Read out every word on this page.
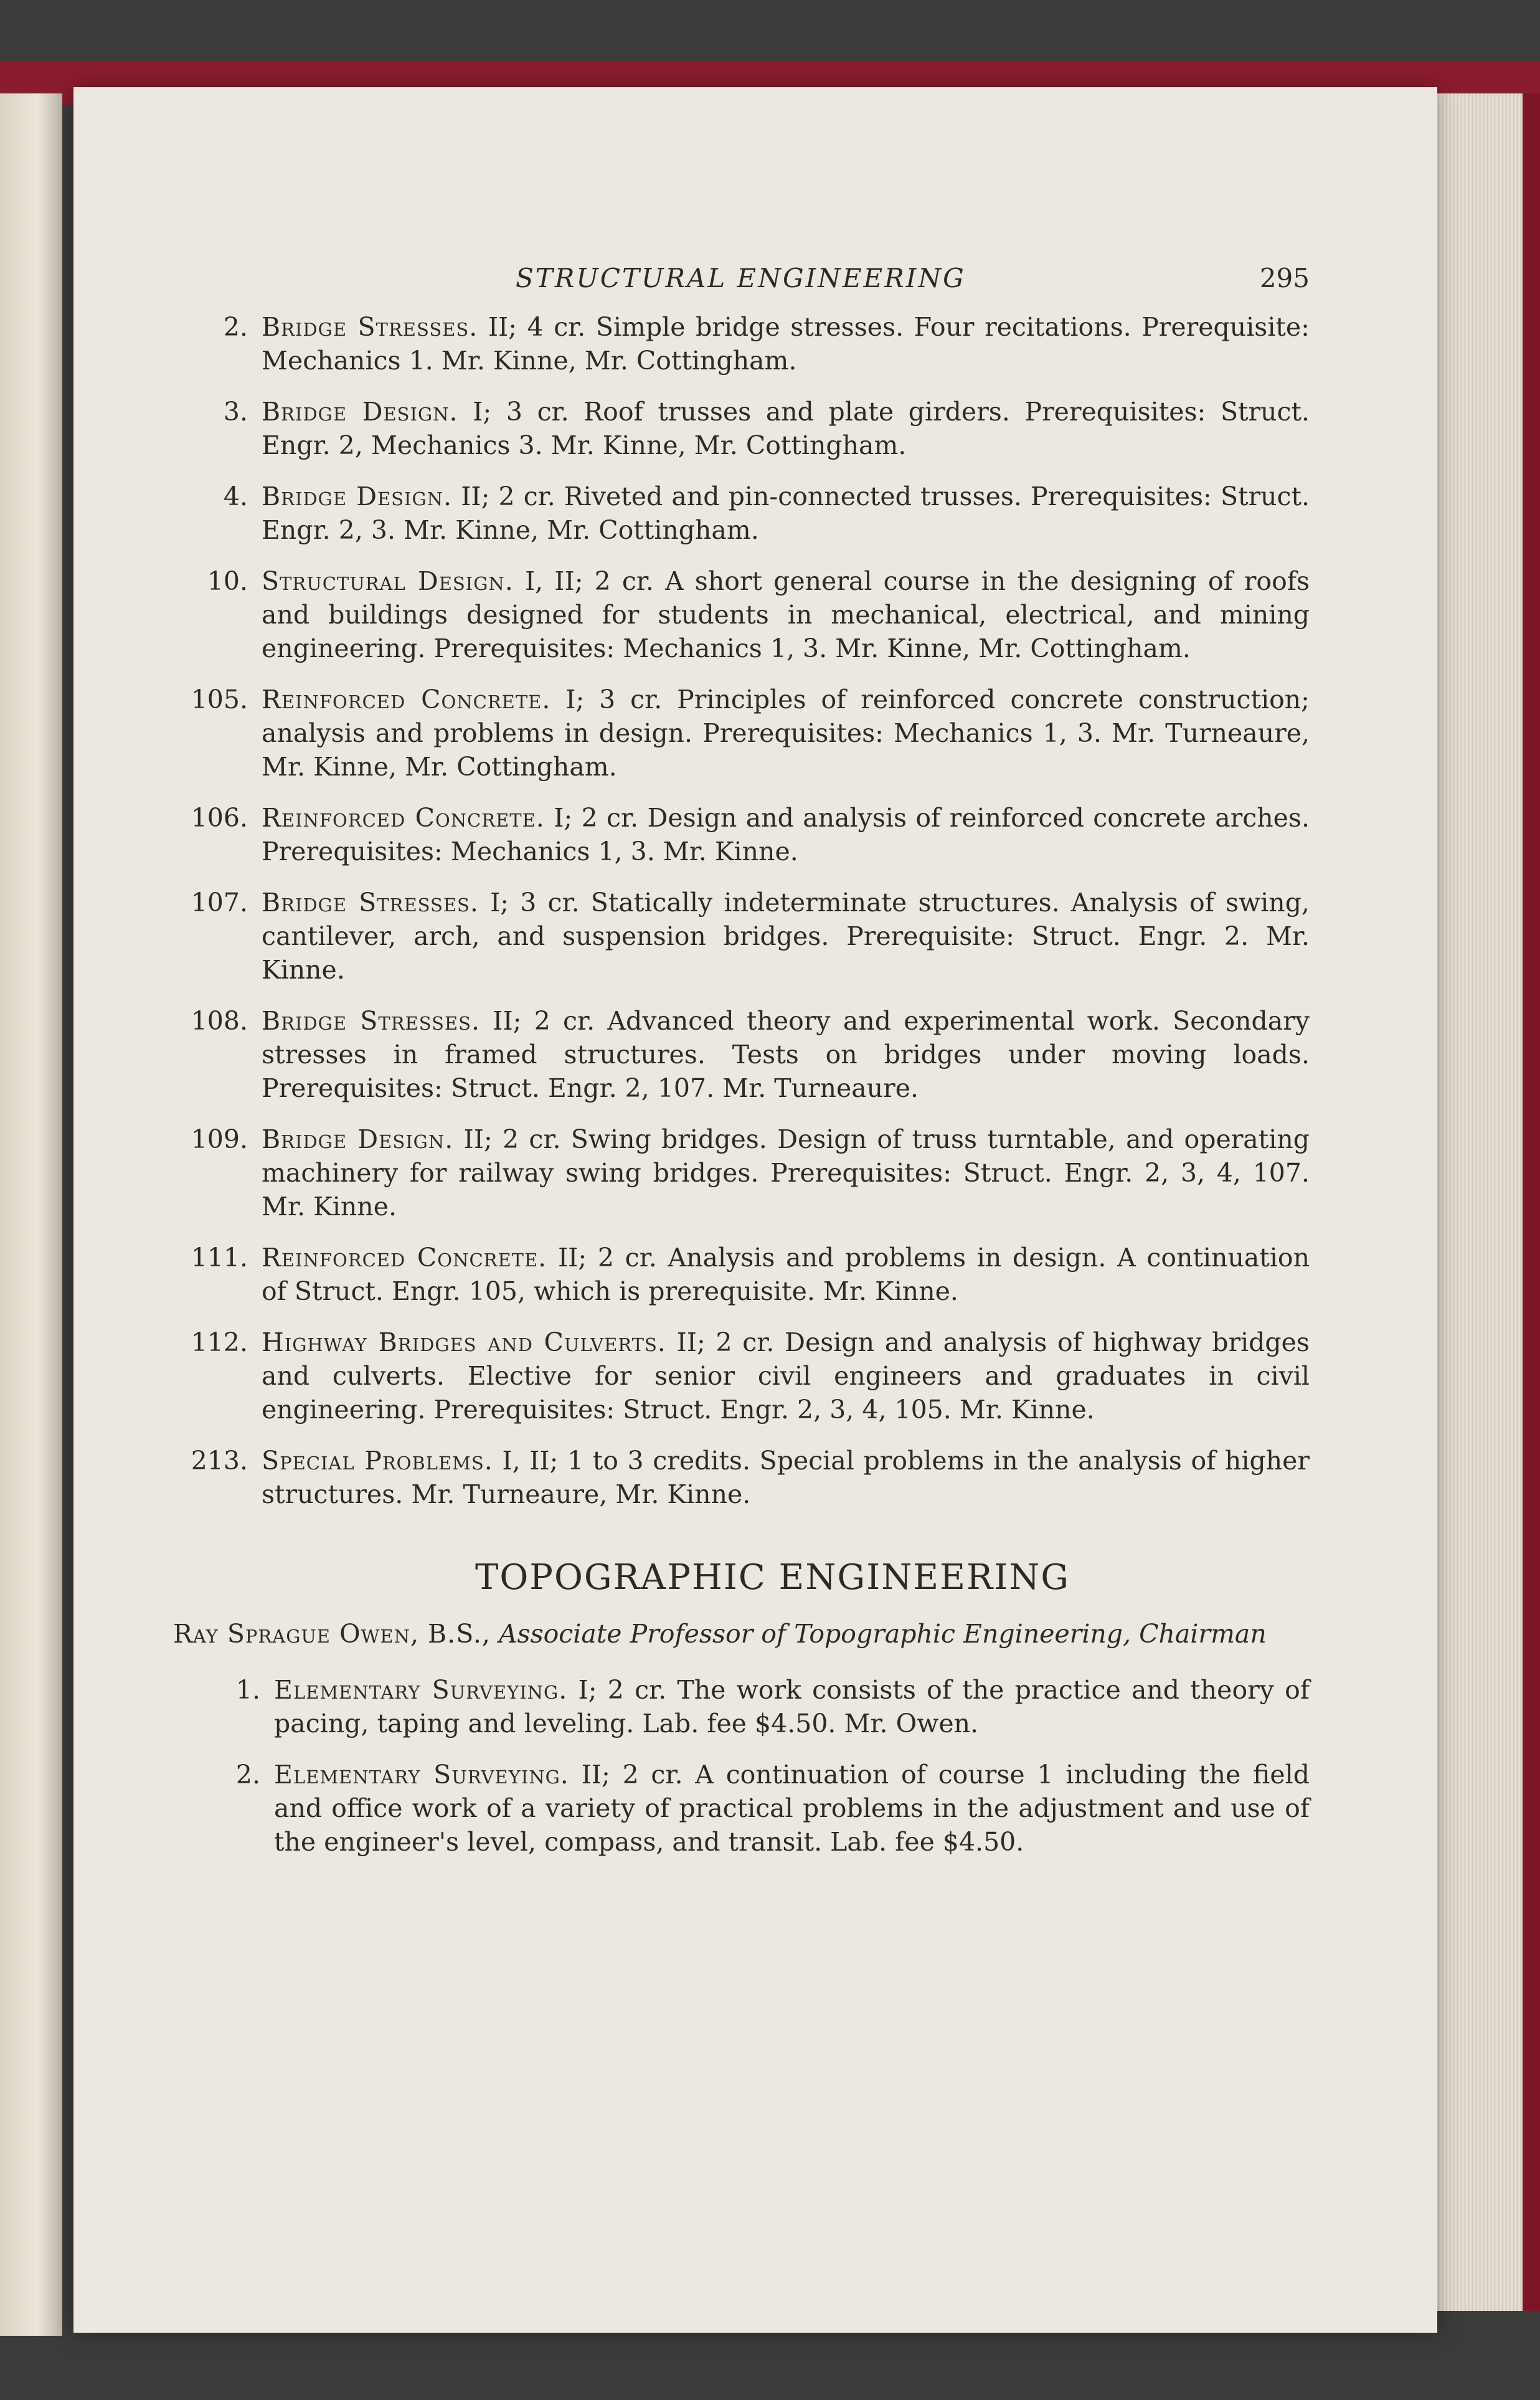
STRUCTURAL ENGINEERING	295
2. Bridge Stresses. II; 4 cr. Simple bridge stresses. Four recitations. Prerequisite: Mechanics 1. Mr. Kinne, Mr. Cottingham.
3. Bridge Design. I; 3 cr. Roof trusses and plate girders. Prerequisites: Struct. Engr. 2, Mechanics 3. Mr. Kinne, Mr. Cottingham.
4. Bridge Design. II; 2 cr. Riveted and pin-connected trusses. Prerequisites: Struct. Engr. 2, 3. Mr. Kinne, Mr. Cottingham.
10. Structural Design. I, II; 2 cr. A short general course in the designing of roofs and buildings designed for students in mechanical, electrical, and mining engineering. Prerequisites: Mechanics 1, 3. Mr. Kinne, Mr. Cottingham.
105. Reinforced Concrete. I; 3 cr. Principles of reinforced concrete construction; analysis and problems in design. Prerequisites: Mechanics 1, 3. Mr. Turneaure, Mr. Kinne, Mr. Cottingham.
106. Reinforced Concrete. I; 2 cr. Design and analysis of reinforced concrete arches. Prerequisites: Mechanics 1, 3. Mr. Kinne.
107. Bridge Stresses. I; 3 cr. Statically indeterminate structures. Analysis of swing, cantilever, arch, and suspension bridges. Prerequisite: Struct. Engr. 2. Mr. Kinne.
108. Bridge Stresses. II; 2 cr. Advanced theory and experimental work. Secondary stresses in framed structures. Tests on bridges under moving loads. Prerequisites: Struct. Engr. 2, 107. Mr. Turneaure.
109. Bridge Design. II; 2 cr. Swing bridges. Design of truss turntable, and operating machinery for railway swing bridges. Prerequisites: Struct. Engr. 2, 3, 4, 107. Mr. Kinne.
111. Reinforced Concrete. II; 2 cr. Analysis and problems in design. A continuation of Struct. Engr. 105, which is prerequisite. Mr. Kinne.
112. Highway Bridges and Culverts. II; 2 cr. Design and analysis of highway bridges and culverts. Elective for senior civil engineers and graduates in civil engineering. Prerequisites: Struct. Engr. 2, 3, 4, 105. Mr. Kinne.
213. Special Problems. I, II; 1 to 3 credits. Special problems in the analysis of higher structures. Mr. Turneaure, Mr. Kinne.
TOPOGRAPHIC ENGINEERING
Ray Sprague Owen, B.S., Associate Professor of Topographic Engineering, Chairman
1. Elementary Surveying. I; 2 cr. The work consists of the practice and theory of pacing, taping and leveling. Lab. fee $4.50. Mr. Owen.
2. Elementary Surveying. II; 2 cr. A continuation of course 1 including the field and office work of a variety of practical problems in the adjustment and use of the engineer's level, compass, and transit. Lab. fee $4.50.
